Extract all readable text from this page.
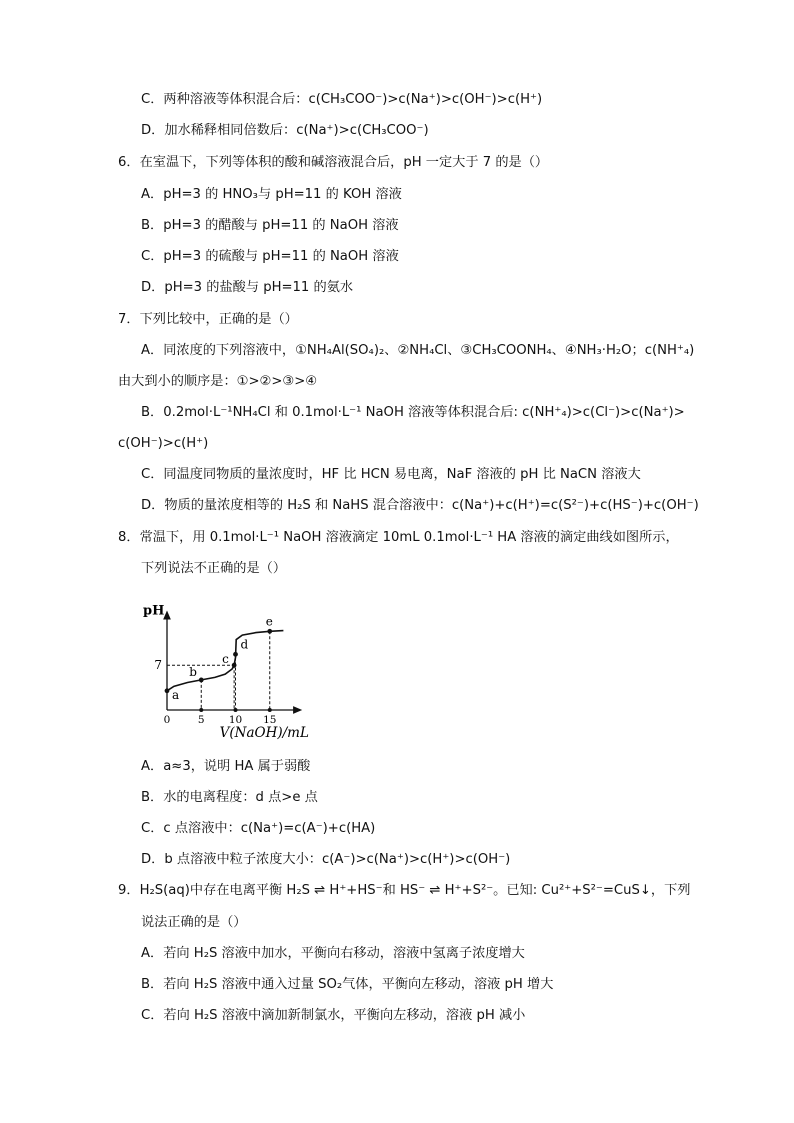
C．两种溶液等体积混合后：c(CH₃COO⁻)>c(Na⁺)>c(OH⁻)>c(H⁺)
D．加水稀释相同倍数后：c(Na⁺)>c(CH₃COO⁻)
6．在室温下，下列等体积的酸和碱溶液混合后，pH 一定大于 7 的是（）
A．pH=3 的 HNO₃与 pH=11 的 KOH 溶液
B．pH=3 的醋酸与 pH=11 的 NaOH 溶液
C．pH=3 的硫酸与 pH=11 的 NaOH 溶液
D．pH=3 的盐酸与 pH=11 的氨水
7．下列比较中，正确的是（）
A．同浓度的下列溶液中，①NH₄Al(SO₄)₂、②NH₄Cl、③CH₃COONH₄、④NH₃·H₂O；c(NH⁺₄)
由大到小的顺序是：①>②>③>④
B．0.2mol·L⁻¹NH₄Cl 和 0.1mol·L⁻¹ NaOH 溶液等体积混合后: c(NH⁺₄)>c(Cl⁻)>c(Na⁺)>
c(OH⁻)>c(H⁺)
C．同温度同物质的量浓度时，HF 比 HCN 易电离，NaF 溶液的 pH 比 NaCN 溶液大
D．物质的量浓度相等的 H₂S 和 NaHS 混合溶液中：c(Na⁺)+c(H⁺)=c(S²⁻)+c(HS⁻)+c(OH⁻)
8．常温下，用 0.1mol·L⁻¹ NaOH 溶液滴定 10mL 0.1mol·L⁻¹ HA 溶液的滴定曲线如图所示，
下列说法不正确的是（）
pH
V(NaOH)/mL
0	5 10 15
7
a
b
c
d
e
A．a≈3，说明 HA 属于弱酸
B．水的电离程度：d 点>e 点
C．c 点溶液中：c(Na⁺)=c(A⁻)+c(HA)
D．b 点溶液中粒子浓度大小：c(A⁻)>c(Na⁺)>c(H⁺)>c(OH⁻)
9．H₂S(aq)中存在电离平衡 H₂S ⇌ H⁺+HS⁻和 HS⁻ ⇌ H⁺+S²⁻。已知: Cu²⁺+S²⁻=CuS↓，下列
说法正确的是（）
A．若向 H₂S 溶液中加水，平衡向右移动，溶液中氢离子浓度增大
B．若向 H₂S 溶液中通入过量 SO₂气体，平衡向左移动，溶液 pH 增大
C．若向 H₂S 溶液中滴加新制氯水，平衡向左移动，溶液 pH 减小
